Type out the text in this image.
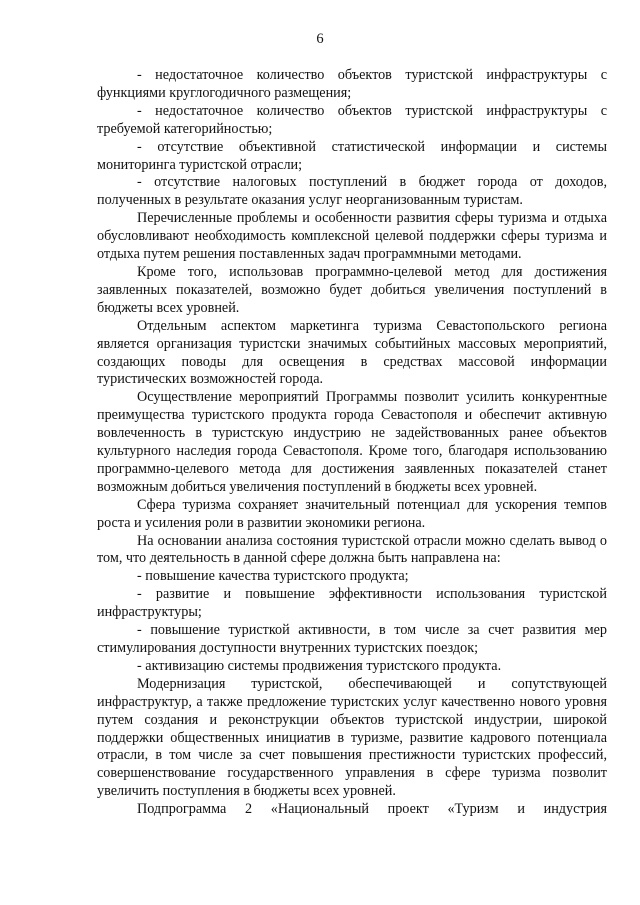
6

- недостаточное количество объектов туристской инфраструктуры с функциями круглогодичного размещения;

- недостаточное количество объектов туристской инфраструктуры с требуемой категорийностью;

- отсутствие объективной статистической информации и системы мониторинга туристской отрасли;

- отсутствие налоговых поступлений в бюджет города от доходов, полученных в результате оказания услуг неорганизованным туристам.

Перечисленные проблемы и особенности развития сферы туризма и отдыха обусловливают необходимость комплексной целевой поддержки сферы туризма и отдыха путем решения поставленных задач программными методами.

Кроме того, использовав программно-целевой метод для достижения заявленных показателей, возможно будет добиться увеличения поступлений в бюджеты всех уровней.

Отдельным аспектом маркетинга туризма Севастопольского региона является организация туристски значимых событийных массовых мероприятий, создающих поводы для освещения в средствах массовой информации туристических возможностей города.

Осуществление мероприятий Программы позволит усилить конкурентные преимущества туристского продукта города Севастополя и обеспечит активную вовлеченность в туристскую индустрию не задействованных ранее объектов культурного наследия города Севастополя. Кроме того, благодаря использованию программно-целевого метода для достижения заявленных показателей станет возможным добиться увеличения поступлений в бюджеты всех уровней.

Сфера туризма сохраняет значительный потенциал для ускорения темпов роста и усиления роли в развитии экономики региона.

На основании анализа состояния туристской отрасли можно сделать вывод о том, что деятельность в данной сфере должна быть направлена на:

- повышение качества туристского продукта;

- развитие и повышение эффективности использования туристской инфраструктуры;

- повышение туристкой активности, в том числе за счет развития мер стимулирования доступности внутренних туристских поездок;

- активизацию системы продвижения туристского продукта.

Модернизация туристской, обеспечивающей и сопутствующей инфраструктур, а также предложение туристских услуг качественно нового уровня путем создания и реконструкции объектов туристской индустрии, широкой поддержки общественных инициатив в туризме, развитие кадрового потенциала отрасли, в том числе за счет повышения престижности туристских профессий, совершенствование государственного управления в сфере туризма позволит увеличить поступления в бюджеты всех уровней.

Подпрограмма 2 «Национальный проект «Туризм и индустрия
